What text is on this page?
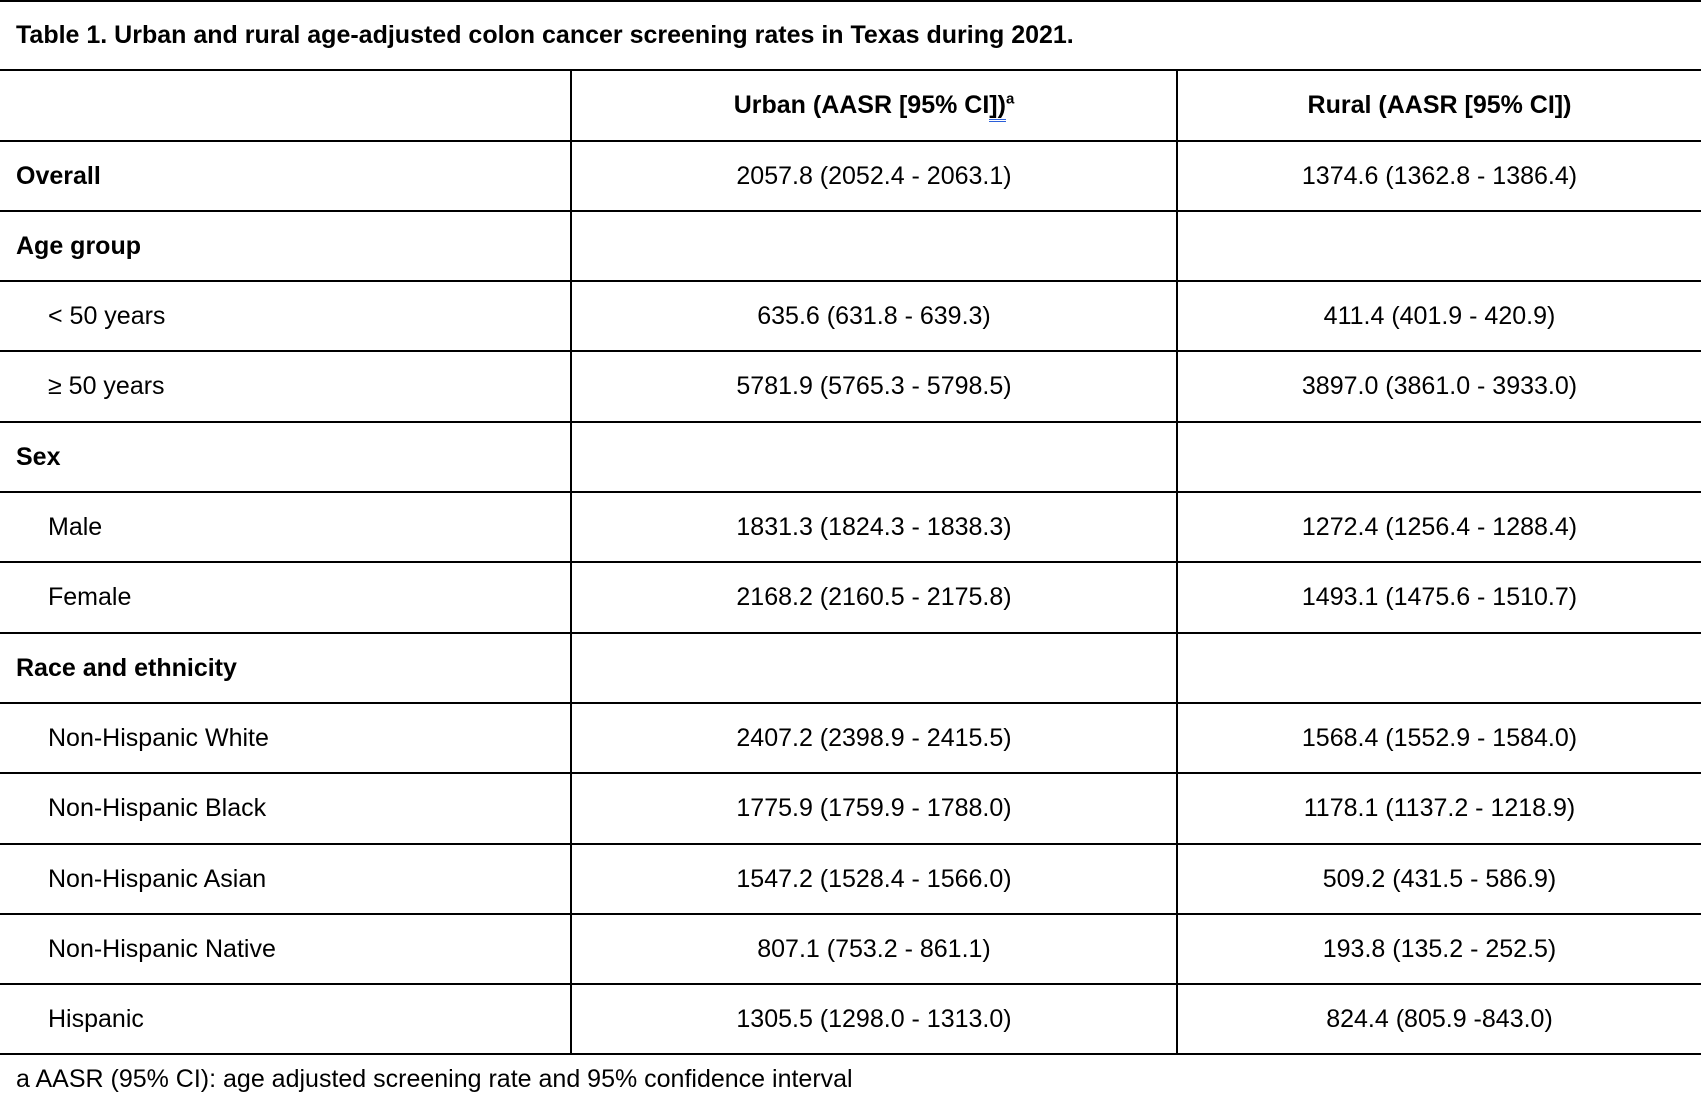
Table 1. Urban and rural age-adjusted colon cancer screening rates in Texas during 2021.
	Urban (AASR [95% CI])$^a$	Rural (AASR [95% CI])
Overall	2057.8 (2052.4 - 2063.1)	1374.6 (1362.8 - 1386.4)
Age group		
< 50 years	635.6 (631.8 - 639.3)	411.4 (401.9 - 420.9)
≥ 50 years	5781.9 (5765.3 - 5798.5)	3897.0 (3861.0 - 3933.0)
Sex		
Male	1831.3 (1824.3 - 1838.3)	1272.4 (1256.4 - 1288.4)
Female	2168.2 (2160.5 - 2175.8)	1493.1 (1475.6 - 1510.7)
Race and ethnicity		
Non-Hispanic White	2407.2 (2398.9 - 2415.5)	1568.4 (1552.9 - 1584.0)
Non-Hispanic Black	1775.9 (1759.9 - 1788.0)	1178.1 (1137.2 - 1218.9)
Non-Hispanic Asian	1547.2 (1528.4 - 1566.0)	509.2 (431.5 - 586.9)
Non-Hispanic Native	807.1 (753.2 - 861.1)	193.8 (135.2 - 252.5)
Hispanic	1305.5 (1298.0 - 1313.0)	824.4 (805.9 -843.0)
a AASR (95% CI): age adjusted screening rate and 95% confidence interval
